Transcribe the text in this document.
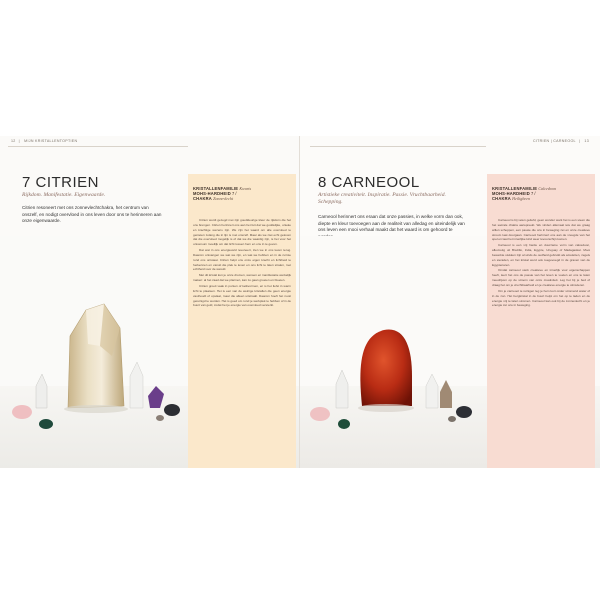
12 | MIJN KRISTALLENTOPTIEN
7 CITRIEN
Rijkdom. Manifestatie. Eigenwaarde.
Citrien resoneert met ons zonnevlechtchakra, het centrum van onszelf, en nodigt overvloed in ons leven door ons te herinneren aan onze eigenwaarde.
KRISTALLENFAMILIE Kwarts
MOHS-HARDHEID 7 /
CHAKRA Zonnevlecht

Citrien wordt gezegd met zijn goudkleurige kleur de rijkdom die het ons brengen. Citrien herinnert ons aan het feit dat we goddelijke, unieke en krachtige wezens zijn. We zijn het waard om alle overvloed te genieten zolang die in lijn is met onszelf. Maar als we niet echt geloven dat die overvloed mogelijk is of dat we die waardig zijn, is het voor het universum moeilijk om dat licht tussen hem en ons in te geven.

Dat wat in ons energieveld resoneert, zien we in ons leven terug. Daarom ontvangen we wat we zijn, en wat we hebben en in de ruimte rond ons ontstaat. Citrien helpt ons onze eigen kracht en lichtheid te herkennen en vanuit die plek te leven en ons licht te laten stralen, met echtheid voor de wereld.

Met dit kristal kun je onze dromen, wensen en manifestatie werkelijk maken: al het zaad dat we plannen, kan zo gaan groeien en bloeien.

Citrien groeit vaak in punten of kelkvormen, en is het liefst in warm licht te plaatsen. Het is een van de weinige kristallen die geen energie vasthoudt of opslaat, maar die alleen uitstraalt. Daarom hoeft het nooit gereinigd te worden. Het is goed om rond je werkplek te hebben of in de buurt van geld, zodat het je energie van overvloed versterkt.

CITRIEN | CARNEOOL | 13
8 CARNEOOL
Artistieke creativiteit. Inspiratie. Passie. Vruchtbaarheid. Schepping.
Carneool herinnert ons eraan dat onze passies, in welke vorm dan ook, diepte en kleur toevoegen aan de realiteit van alledag en uiteindelijk van ons leven een mooi verhaal maakt dat het waard is om gehoord te
KRISTALLENFAMILIE Calcedoon
MOHS-HARDHEID 7 /
CHAKRA Heiligbeen

Carneool is bij velen geliefd, geen wonder want het is een steen die het sacrale chakra aanspreekt. We vinden allemaal iets dat we graag willen scheppen, een passie die ons in beweging zet en onze creatieve stroom laat doorgaan. Carneool herinnert ons aan de vreugde van het spel en laat het innerlijke kind weer tevoorschijn komen.

Carneool is een vrij harde en duurzame vorm van calcedoon, afkomstig uit Brazilië, India, Egypte, Uruguay of Madagaskar. Mooi bewerkte stukken zijn al sinds de oudheid gebruikt als amuletten, zegels en sieraden, en het kristal werd ook toegevoegd in de graven van de Egyptenaren.

Omdat carneool sterk creatieve en innerlijk vuur eigenschappen heeft, leert het ons de passie van het leven te voelen en ons te laten meedrijven op de stroom van onze creativiteit. Leg het bij je bed of draag het om je vruchtbaarheid en je creatieve energie te stimuleren.

Om je carneool te reinigen leg je hem kort onder stromend water of in de zon. Het bergkristal in de buurt helpt om het op te laden en de energie vrij te laten stromen. Carneool kan ook bij de zonnevlecht en je energie zet ons in beweging.
